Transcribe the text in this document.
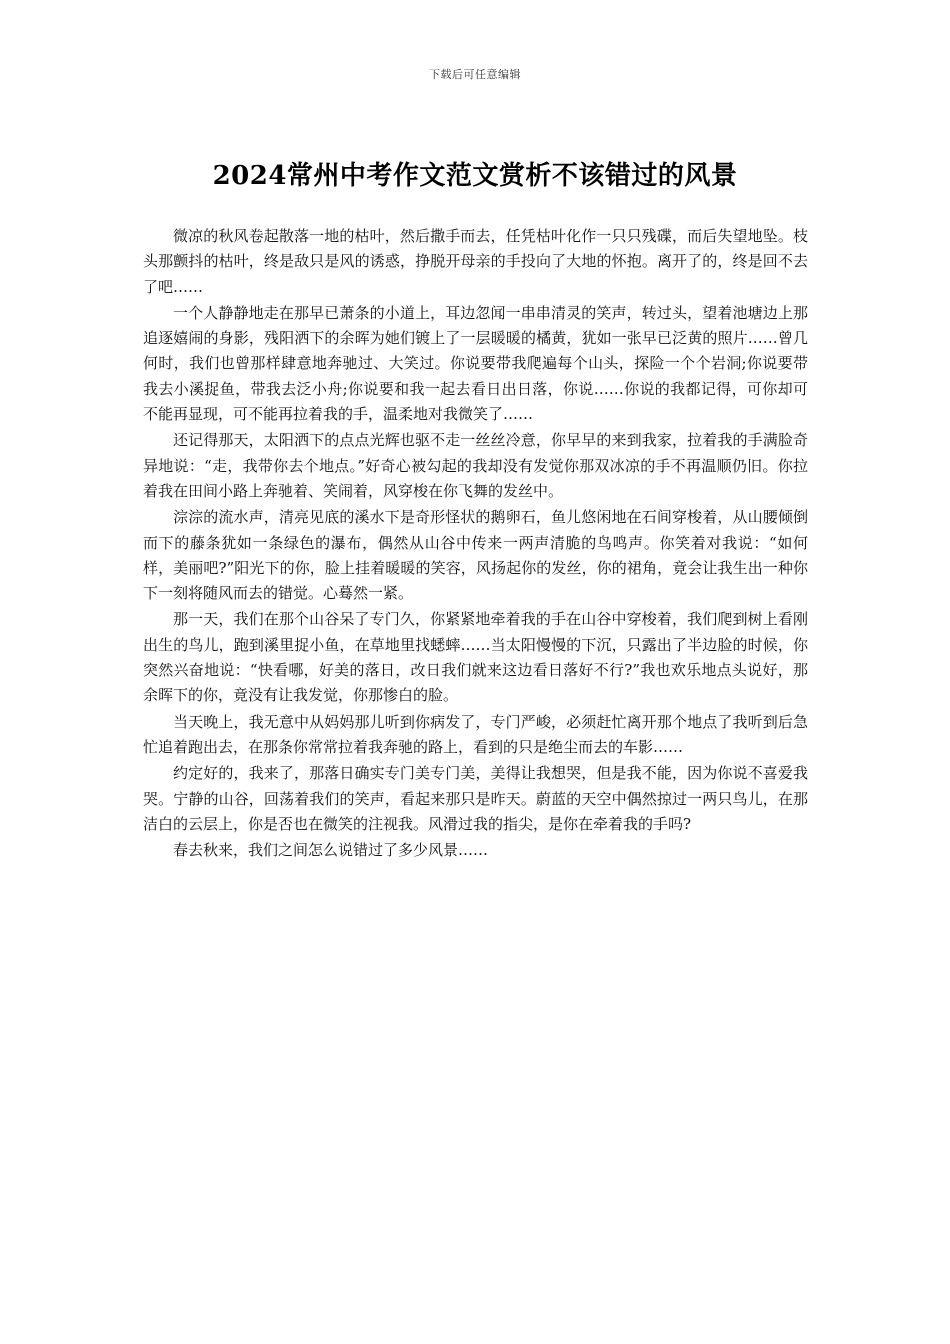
下载后可任意编辑
2024常州中考作文范文赏析不该错过的风景

微凉的秋风卷起散落一地的枯叶，然后撒手而去，任凭枯叶化作一只只残碟，而后失望地坠。枝头那颤抖的枯叶，终是敌只是风的诱惑，挣脱开母亲的手投向了大地的怀抱。离开了的，终是回不去了吧……

一个人静静地走在那早已萧条的小道上，耳边忽闻一串串清灵的笑声，转过头，望着池塘边上那追逐嬉闹的身影，残阳洒下的余晖为她们镀上了一层暖暖的橘黄，犹如一张早已泛黄的照片……曾几何时，我们也曾那样肆意地奔驰过、大笑过。你说要带我爬遍每个山头，探险一个个岩洞;你说要带我去小溪捉鱼，带我去泛小舟;你说要和我一起去看日出日落，你说……你说的我都记得，可你却可不能再显现，可不能再拉着我的手，温柔地对我微笑了……

还记得那天，太阳洒下的点点光辉也驱不走一丝丝冷意，你早早的来到我家，拉着我的手满脸奇异地说：“走，我带你去个地点。”好奇心被勾起的我却没有发觉你那双冰凉的手不再温顺仍旧。你拉着我在田间小路上奔驰着、笑闹着，风穿梭在你飞舞的发丝中。

淙淙的流水声，清亮见底的溪水下是奇形怪状的鹅卵石，鱼儿悠闲地在石间穿梭着，从山腰倾倒而下的藤条犹如一条绿色的瀑布，偶然从山谷中传来一两声清脆的鸟鸣声。你笑着对我说：“如何样，美丽吧?”阳光下的你，脸上挂着暖暖的笑容，风扬起你的发丝，你的裙角，竟会让我生出一种你下一刻将随风而去的错觉。心蓦然一紧。

那一天，我们在那个山谷呆了专门久，你紧紧地牵着我的手在山谷中穿梭着，我们爬到树上看刚出生的鸟儿，跑到溪里捉小鱼，在草地里找蟋蟀……当太阳慢慢的下沉，只露出了半边脸的时候，你突然兴奋地说：“快看哪，好美的落日，改日我们就来这边看日落好不行?”我也欢乐地点头说好，那余晖下的你，竟没有让我发觉，你那惨白的脸。

当天晚上，我无意中从妈妈那儿听到你病发了，专门严峻，必须赶忙离开那个地点了我听到后急忙追着跑出去，在那条你常常拉着我奔驰的路上，看到的只是绝尘而去的车影……

约定好的，我来了，那落日确实专门美专门美，美得让我想哭，但是我不能，因为你说不喜爱我哭。宁静的山谷，回荡着我们的笑声，看起来那只是昨天。蔚蓝的天空中偶然掠过一两只鸟儿，在那洁白的云层上，你是否也在微笑的注视我。风滑过我的指尖，是你在牵着我的手吗?

春去秋来，我们之间怎么说错过了多少风景……
